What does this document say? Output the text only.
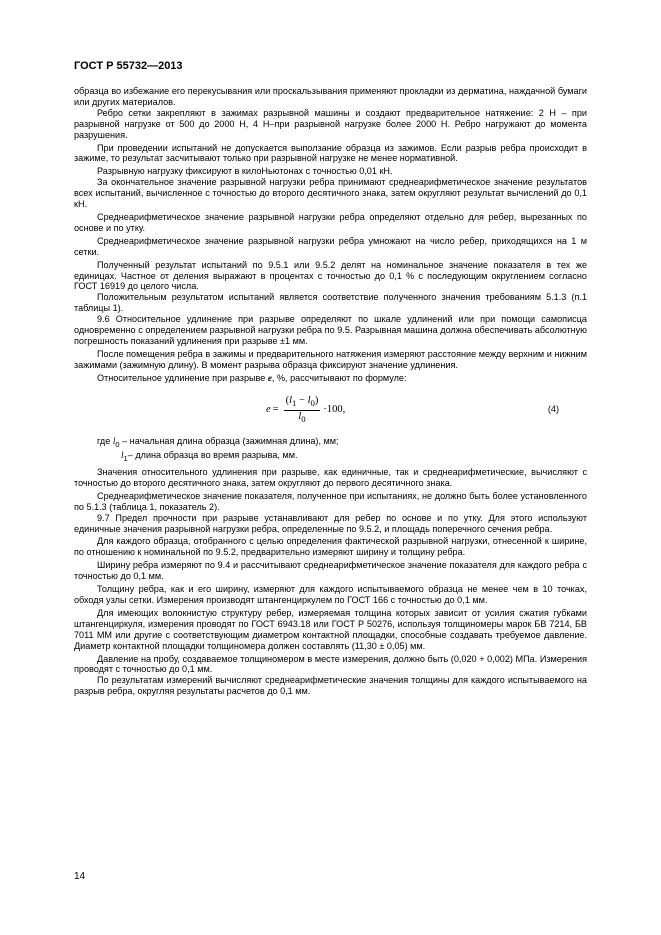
ГОСТ Р 55732—2013

образца во избежание его перекусывания или проскальзывания применяют прокладки из дерматина, наждачной бумаги или других материалов.

Ребро сетки закрепляют в зажимах разрывной машины и создают предварительное натяжение: 2 Н – при разрывной нагрузке от 500 до 2000 Н, 4 Н–при разрывной нагрузке более 2000 Н. Ребро нагружают до момента разрушения.

При проведении испытаний не допускается выползание образца из зажимов. Если разрыв ребра происходит в зажиме, то результат засчитывают только при разрывной нагрузке не менее нормативной.

Разрывную нагрузку фиксируют в килоНьютонах с точностью 0,01 кН.

За окончательное значение разрывной нагрузки ребра принимают среднеарифметическое значение результатов всех испытаний, вычисленное с точностью до второго десятичного знака, затем округляют результат вычислений до 0,1 кН.

Среднеарифметическое значение разрывной нагрузки ребра определяют отдельно для ребер, вырезанных по основе и по утку.

Среднеарифметическое значение разрывной нагрузки ребра умножают на число ребер, приходящихся на 1 м сетки.

Полученный результат испытаний по 9.5.1 или 9.5.2 делят на номинальное значение показателя в тех же единицах. Частное от деления выражают в процентах с точностью до 0,1 % с последующим округлением согласно ГОСТ 16919 до целого числа.

Положительным результатом испытаний является соответствие полученного значения требованиям 5.1.3 (п.1 таблицы 1).

9.6 Относительное удлинение при разрыве определяют по шкале удлинений или при помощи самописца одновременно с определением разрывной нагрузки ребра по 9.5. Разрывная машина должна обеспечивать абсолютную погрешность показаний удлинения при разрыве ±1 мм.

После помещения ребра в зажимы и предварительного натяжения измеряют расстояние между верхним и нижним зажимами (зажимную длину). В момент разрыва образца фиксируют значение удлинения.

Относительное удлинение при разрыве е, %, рассчитывают по формуле:

$e = \frac{(l_1 - l_0)}{l_0} \cdot 100$,	(4)

где $l_0$ – начальная длина образца (зажимная длина), мм;

$l_1-$ длина образца во время разрыва, мм.

Значения относительного удлинения при разрыве, как единичные, так и среднеарифметические, вычисляют с точностью до второго десятичного знака, затем округляют до первого десятичного знака.

Среднеарифметическое значение показателя, полученное при испытаниях, не должно быть более установленного по 5.1.3 (таблица 1, показатель 2).

9.7 Предел прочности при разрыве устанавливают для ребер по основе и по утку. Для этого используют единичные значения разрывной нагрузки ребра, определенные по 9.5.2, и площадь поперечного сечения ребра.

Для каждого образца, отобранного с целью определения фактической разрывной нагрузки, отнесенной к ширине, по отношению к номинальной по 9.5.2, предварительно измеряют ширину и толщину ребра.

Ширину ребра измеряют по 9.4 и рассчитывают среднеарифметическое значение показателя для каждого ребра с точностью до 0,1 мм.

Толщину ребра, как и его ширину, измеряют для каждого испытываемого образца не менее чем в 10 точках, обходя узлы сетки. Измерения производят штангенциркулем по ГОСТ 166 с точностью до 0,1 мм.

Для имеющих волокнистую структуру ребер, измеряемая толщина которых зависит от усилия сжатия губками штангенциркуля, измерения проводят по ГОСТ 6943.18 или ГОСТ Р 50276, используя толщиномеры марок БВ 7214, БВ 7011 ММ или другие с соответствующим диаметром контактной площадки, способные создавать требуемое давление. Диаметр контактной площадки толщиномера должен составлять (11,30 ± 0,05) мм.

Давление на пробу, создаваемое толщиномером в месте измерения, должно быть (0,020 + 0,002) МПа. Измерения проводят с точностью до 0,1 мм.

По результатам измерений вычисляют среднеарифметические значения толщины для каждого испытываемого на разрыв ребра, округляя результаты расчетов до 0,1 мм.

14
